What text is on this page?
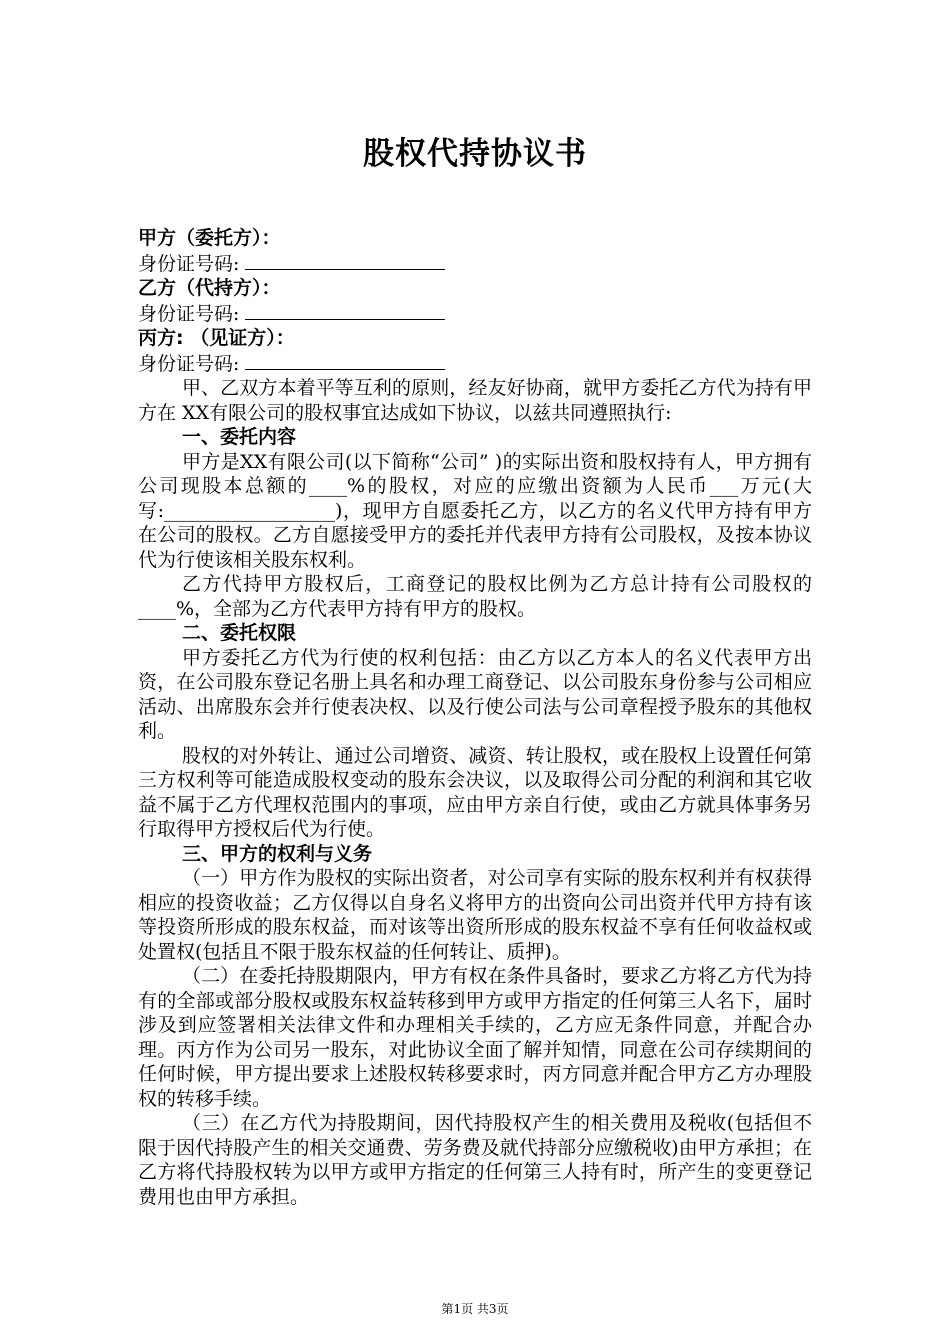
股权代持协议书
甲方（委托方）：
身份证号码:
乙方（代持方）：
身份证号码:
丙方: （见证方）：
身份证号码:

甲、乙双方本着平等互利的原则，经友好协商，就甲方委托乙方代为持有甲方在 XX有限公司的股权事宜达成如下协议，以兹共同遵照执行:

一、委托内容

甲方是XX有限公司(以下简称“公司” )的实际出资和股权持有人，甲方拥有公司现股本总额的____%的股权，对应的应缴出资额为人民币___万元(大写:__________________)，现甲方自愿委托乙方，以乙方的名义代甲方持有甲方在公司的股权。乙方自愿接受甲方的委托并代表甲方持有公司股权，及按本协议代为行使该相关股东权利。

乙方代持甲方股权后，工商登记的股权比例为乙方总计持有公司股权的____%，全部为乙方代表甲方持有甲方的股权。

二、委托权限

甲方委托乙方代为行使的权利包括：由乙方以乙方本人的名义代表甲方出资，在公司股东登记名册上具名和办理工商登记、以公司股东身份参与公司相应活动、出席股东会并行使表决权、以及行使公司法与公司章程授予股东的其他权利。

股权的对外转让、通过公司增资、减资、转让股权，或在股权上设置任何第三方权利等可能造成股权变动的股东会决议，以及取得公司分配的利润和其它收益不属于乙方代理权范围内的事项，应由甲方亲自行使，或由乙方就具体事务另行取得甲方授权后代为行使。

三、甲方的权利与义务

（一）甲方作为股权的实际出资者，对公司享有实际的股东权利并有权获得相应的投资收益；乙方仅得以自身名义将甲方的出资向公司出资并代甲方持有该等投资所形成的股东权益，而对该等出资所形成的股东权益不享有任何收益权或处置权(包括且不限于股东权益的任何转让、质押)。

（二）在委托持股期限内，甲方有权在条件具备时，要求乙方将乙方代为持有的全部或部分股权或股东权益转移到甲方或甲方指定的任何第三人名下，届时涉及到应签署相关法律文件和办理相关手续的，乙方应无条件同意，并配合办理。丙方作为公司另一股东，对此协议全面了解并知情，同意在公司存续期间的任何时候，甲方提出要求上述股权转移要求时，丙方同意并配合甲方乙方办理股权的转移手续。

（三）在乙方代为持股期间，因代持股权产生的相关费用及税收(包括但不限于因代持股产生的相关交通费、劳务费及就代持部分应缴税收)由甲方承担；在乙方将代持股权转为以甲方或甲方指定的任何第三人持有时，所产生的变更登记费用也由甲方承担。

第1页 共3页
